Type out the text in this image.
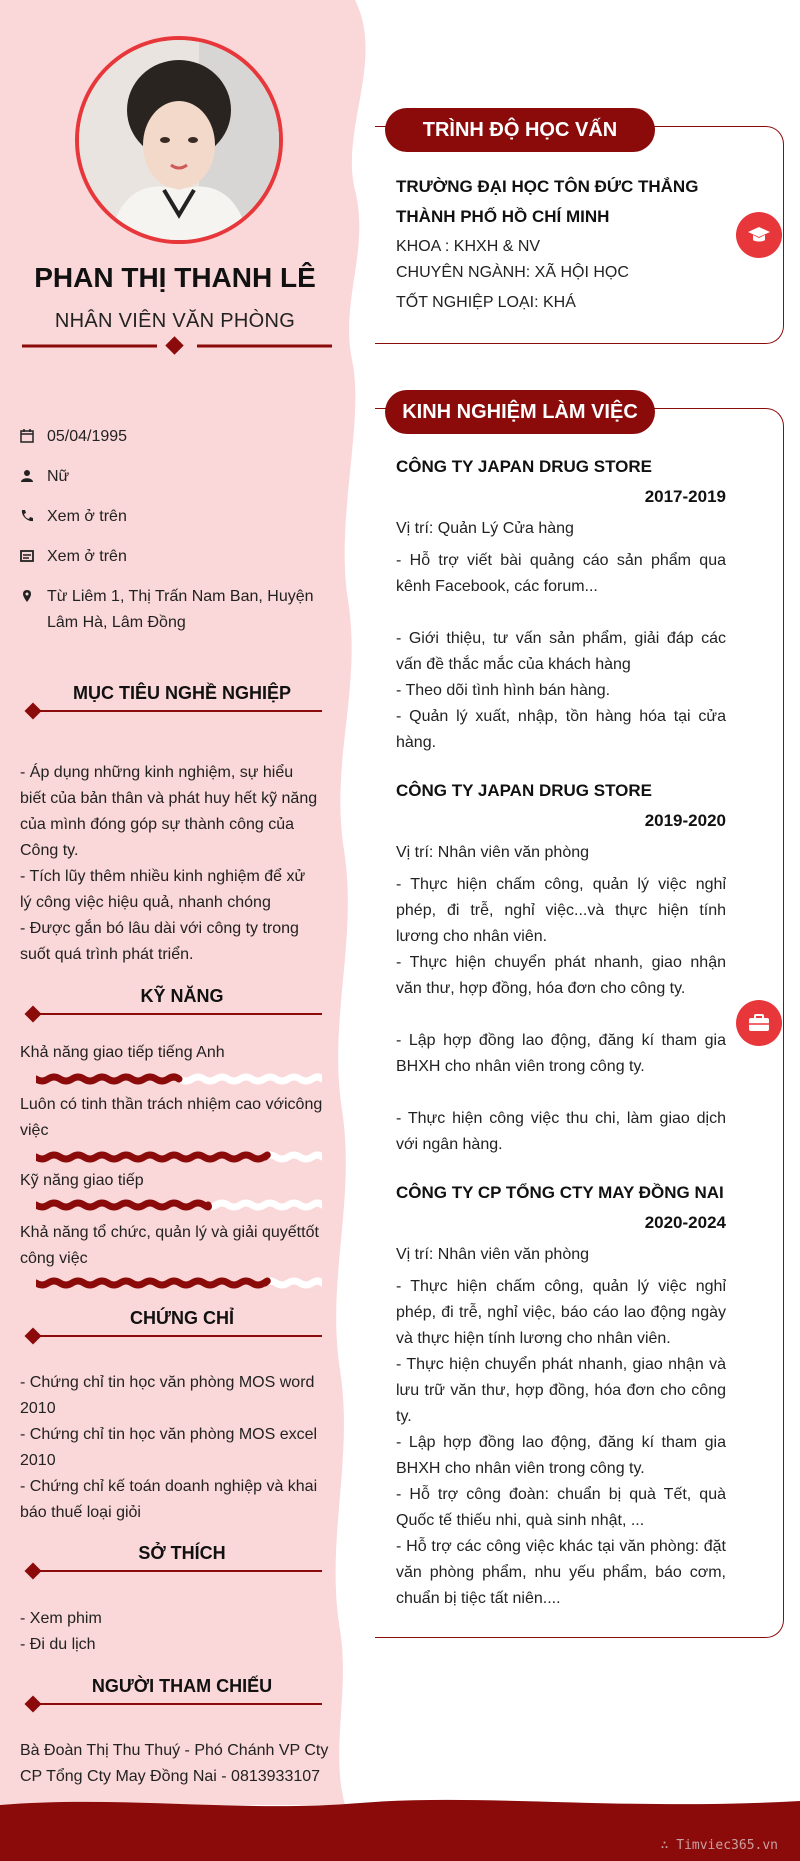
PHAN THỊ THANH LÊ
NHÂN VIÊN VĂN PHÒNG
05/04/1995
Nữ
Xem ở trên
Xem ở trên
Từ Liêm 1, Thị Trấn Nam Ban, Huyện Lâm Hà, Lâm Đồng
MỤC TIÊU NGHỀ NGHIỆP
- Áp dụng những kinh nghiệm, sự hiểu biết của bản thân và phát huy hết kỹ năng của mình đóng góp sự thành công của Công ty.
- Tích lũy thêm nhiều kinh nghiệm để xử lý công việc hiệu quả, nhanh chóng
- Được gắn bó lâu dài với công ty trong suốt quá trình phát triển.
KỸ NĂNG
Khả năng giao tiếp tiếng Anh
Luôn có tinh thần trách nhiệm cao vớicông việc
Kỹ năng giao tiếp
Khả năng tổ chức, quản lý và giải quyếttốt công việc
CHỨNG CHỈ
- Chứng chỉ tin học văn phòng MOS word 2010
- Chứng chỉ tin học văn phòng MOS excel 2010
- Chứng chỉ kế toán doanh nghiệp và khai báo thuế loại giỏi
SỞ THÍCH
- Xem phim
- Đi du lịch
NGƯỜI THAM CHIẾU
Bà Đoàn Thị Thu Thuý - Phó Chánh VP Cty CP Tổng Cty May Đồng Nai - 0813933107
TRÌNH ĐỘ HỌC VẤN
TRƯỜNG ĐẠI HỌC TÔN ĐỨC THẮNG THÀNH PHỐ HỒ CHÍ MINH
KHOA : KHXH & NV
CHUYÊN NGÀNH: XÃ HỘI HỌC
TỐT NGHIỆP LOẠI: KHÁ
KINH NGHIỆM LÀM VIỆC
CÔNG TY JAPAN DRUG STORE
2017-2019
Vị trí: Quản Lý Cửa hàng
- Hỗ trợ viết bài quảng cáo sản phẩm qua kênh Facebook, các forum...
- Giới thiệu, tư vấn sản phẩm, giải đáp các vấn đề thắc mắc của khách hàng
- Theo dõi tình hình bán hàng.
- Quản lý xuất, nhập, tồn hàng hóa tại cửa hàng.
CÔNG TY JAPAN DRUG STORE
2019-2020
Vị trí: Nhân viên văn phòng
- Thực hiện chấm công, quản lý việc nghỉ phép, đi trễ, nghỉ việc...và thực hiện tính lương cho nhân viên.
- Thực hiện chuyển phát nhanh, giao nhận văn thư, hợp đồng, hóa đơn cho công ty.
- Lập hợp đồng lao động, đăng kí tham gia BHXH cho nhân viên trong công ty.
- Thực hiện công việc thu chi, làm giao dịch với ngân hàng.
CÔNG TY CP TỔNG CTY MAY ĐỒNG NAI
2020-2024
Vị trí: Nhân viên văn phòng
- Thực hiện chấm công, quản lý việc nghỉ phép, đi trễ, nghỉ việc, báo cáo lao động ngày và thực hiện tính lương cho nhân viên.
- Thực hiện chuyển phát nhanh, giao nhận và lưu trữ văn thư, hợp đồng, hóa đơn cho công ty.
- Lập hợp đồng lao động, đăng kí tham gia BHXH cho nhân viên trong công ty.
- Hỗ trợ công đoàn: chuẩn bị quà Tết, quà Quốc tế thiếu nhi, quà sinh nhật, ...
- Hỗ trợ các công việc khác tại văn phòng: đặt văn phòng phẩm, nhu yếu phẩm, báo cơm, chuẩn bị tiệc tất niên....
∴ Timviec365.vn
